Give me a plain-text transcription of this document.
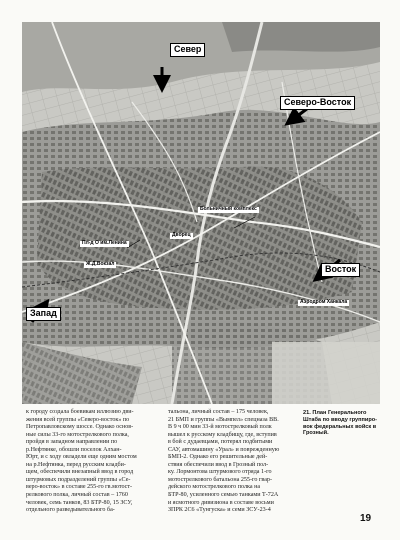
Север
Северо-Восток
Восток
Запад
Больничный комплекс
Пл-д О им.Ленина
Дворец
Ж.Д.Вокзал
Аэродром Ханкала

к городу создала боевикам иллюзию дви-
жения всей группы «Северо-восток» по
Петропавловскому шоссе. Однако основ-
ные силы 33-го мотострелкового полка,
пройдя в западном направлении по
р.Нефтянке, обошли поселок Алхан-
Юрт, и с ходу овладели еще одним мостом
на р.Нефтянка, перед русским кладби-
щем, обеспечили внезапный ввод в город
штурмовых подразделений группы «Се-
веро-восток» в составе 255-го гв.мотост-
релкового полка, личный состав – 1760
человек, семь танков, 83 БТР-80, 15 ЗСУ,
отдельного разведывательного ба-

тальона, личный состав – 175 человек,
21 БМП и группы «Вымпел» спецназа ВВ.
В 9 ч 00 мин 33-й мотострелковый полк
вышел к русскому кладбищу, где, вступив
в бой с дудаевцами, потерял подбитыми
САУ, автомашину «Урал» и поврежденную
БМП-2. Однако его решительные дей-
ствия обеспечили ввод в Грозный пол-
ку. Лормонтова штурмового отряда 1-го
мотострелкового батальона 255-го гвар-
дейского мотострелкового полка на
БТР-80, усиленного семью танками Т-72А
и ясмотного дивизиона в составе восьми
ЗПРК 2С6 «Тунгуска» и семи ЗСУ-23-4

21. План Генерального Штаба по вводу группиро-вок федеральных войск в Грозный.
19
